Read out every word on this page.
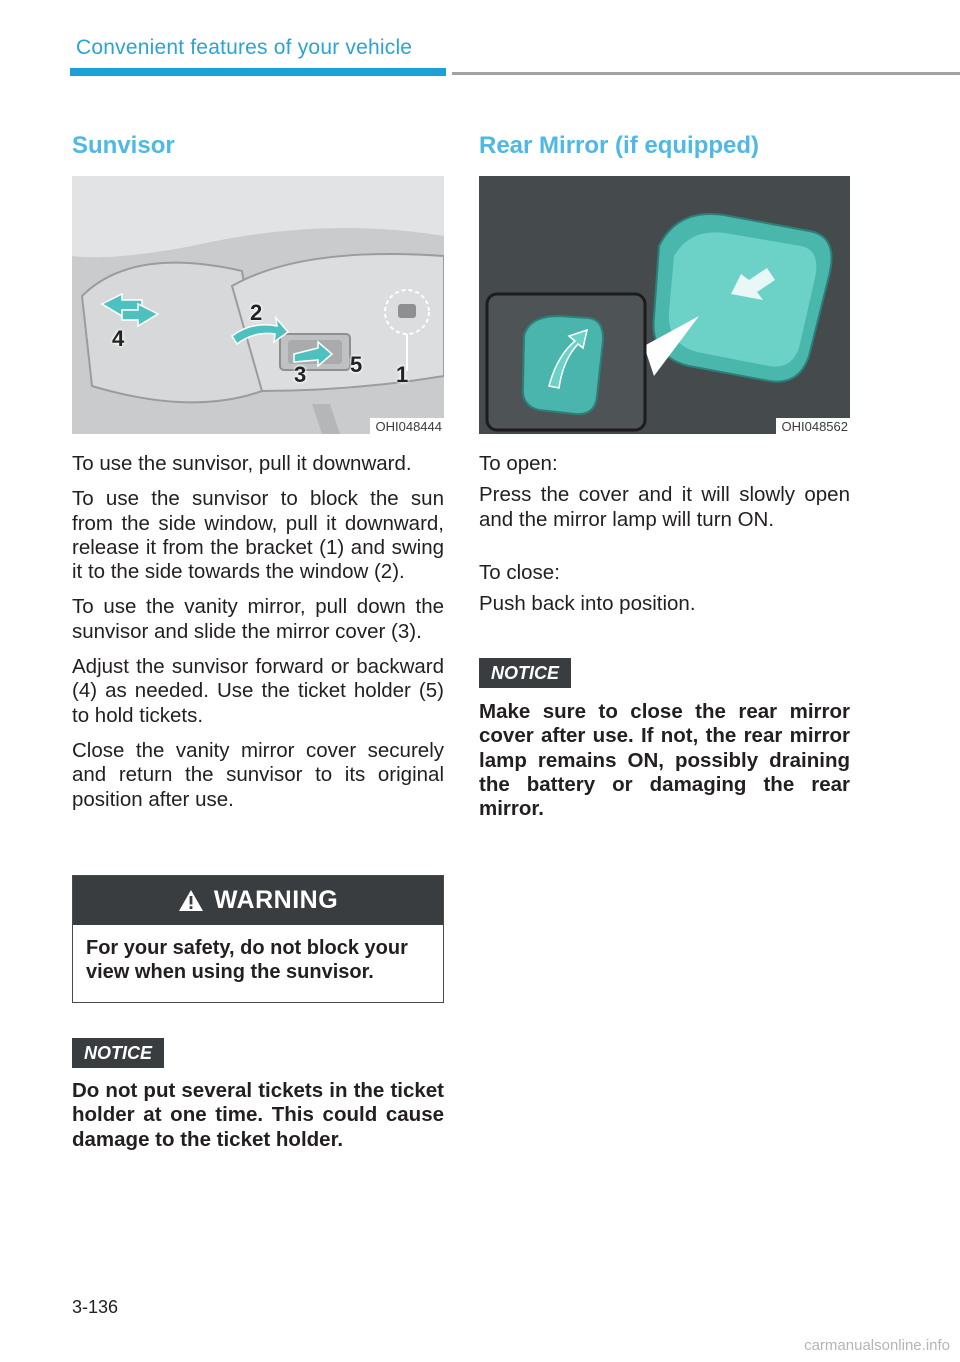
Convenient features of your vehicle
Sunvisor
1
2
3
4
5
OHI048444

To use the sunvisor, pull it downward.

To use the sunvisor to block the sun from the side window, pull it downward, release it from the bracket (1) and swing it to the side towards the window (2).

To use the vanity mirror, pull down the sunvisor and slide the mirror cover (3).

Adjust the sunvisor forward or backward (4) as needed. Use the ticket holder (5) to hold tickets.

Close the vanity mirror cover securely and return the sunvisor to its original position after use.

WARNING
For your safety, do not block your view when using the sunvisor.
NOTICE

Do not put several tickets in the ticket holder at one time. This could cause damage to the ticket holder.

Rear Mirror (if equipped)
OHI048562

To open:

Press the cover and it will slowly open and the mirror lamp will turn ON.

To close:

Push back into position.

NOTICE

Make sure to close the rear mirror cover after use. If not, the rear mirror lamp remains ON, possibly draining the battery or damaging the rear mirror.

3-136
carmanualsonline.info
